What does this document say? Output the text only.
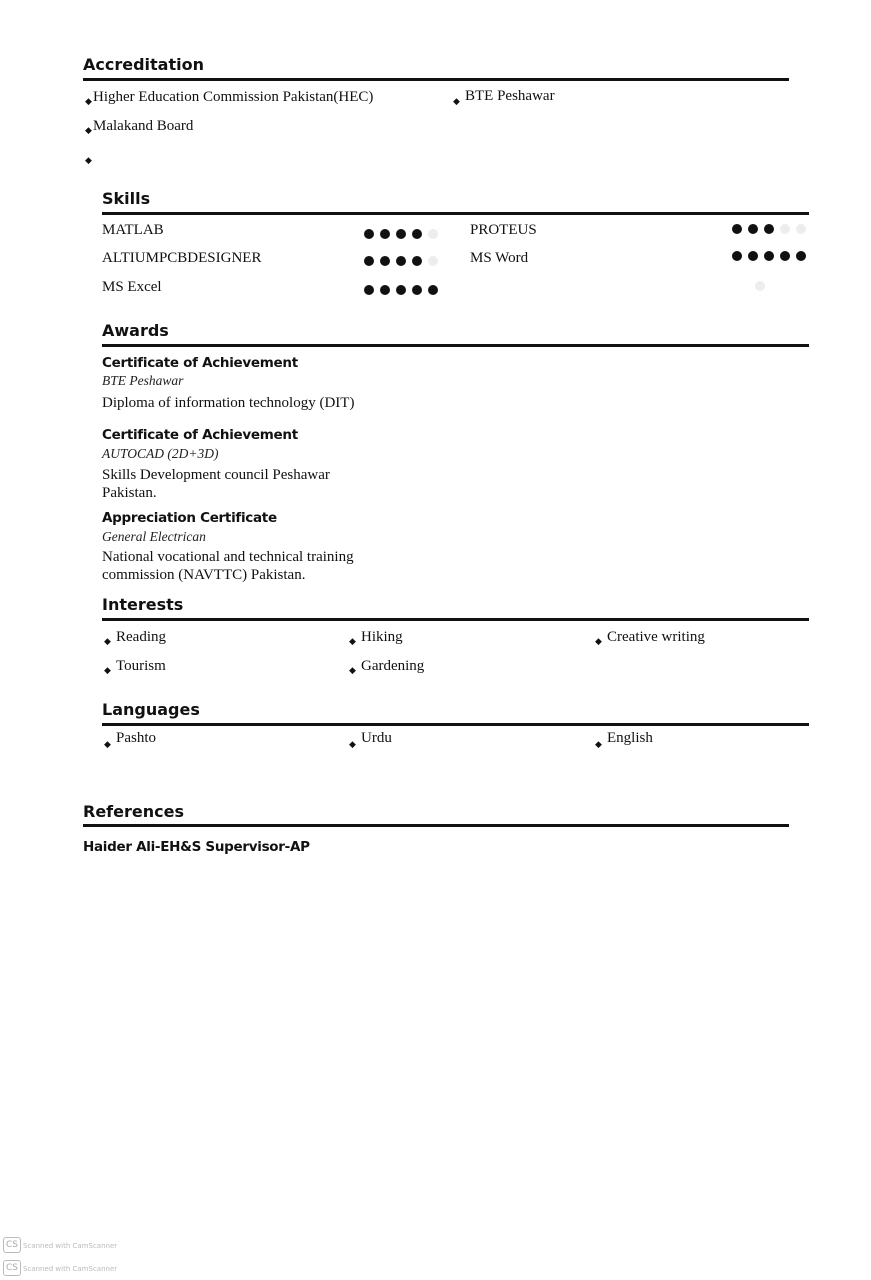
Accreditation
◆ Higher Education Commission Pakistan(HEC)	◆ BTE Peshawar
◆ Malakand Board
◆
Skills
MATLAB	PROTEUS
ALTIUMPCBDESIGNER	MS Word
MS Excel
Awards
Certificate of Achievement
BTE Peshawar
Diploma of information technology (DIT)
Certificate of Achievement
AUTOCAD (2D+3D)
Skills Development council Peshawar Pakistan.
Appreciation Certificate
General Electrican
National vocational and technical training commission (NAVTTC) Pakistan.
Interests
◆ Reading	◆ Hiking	◆ Creative writing
◆ Tourism	◆ Gardening
Languages
◆ Pashto	◆ Urdu	◆ English
References
Haider Ali-EH&S Supervisor-AP
CS Scanned with CamScanner
CS Scanned with CamScanner
